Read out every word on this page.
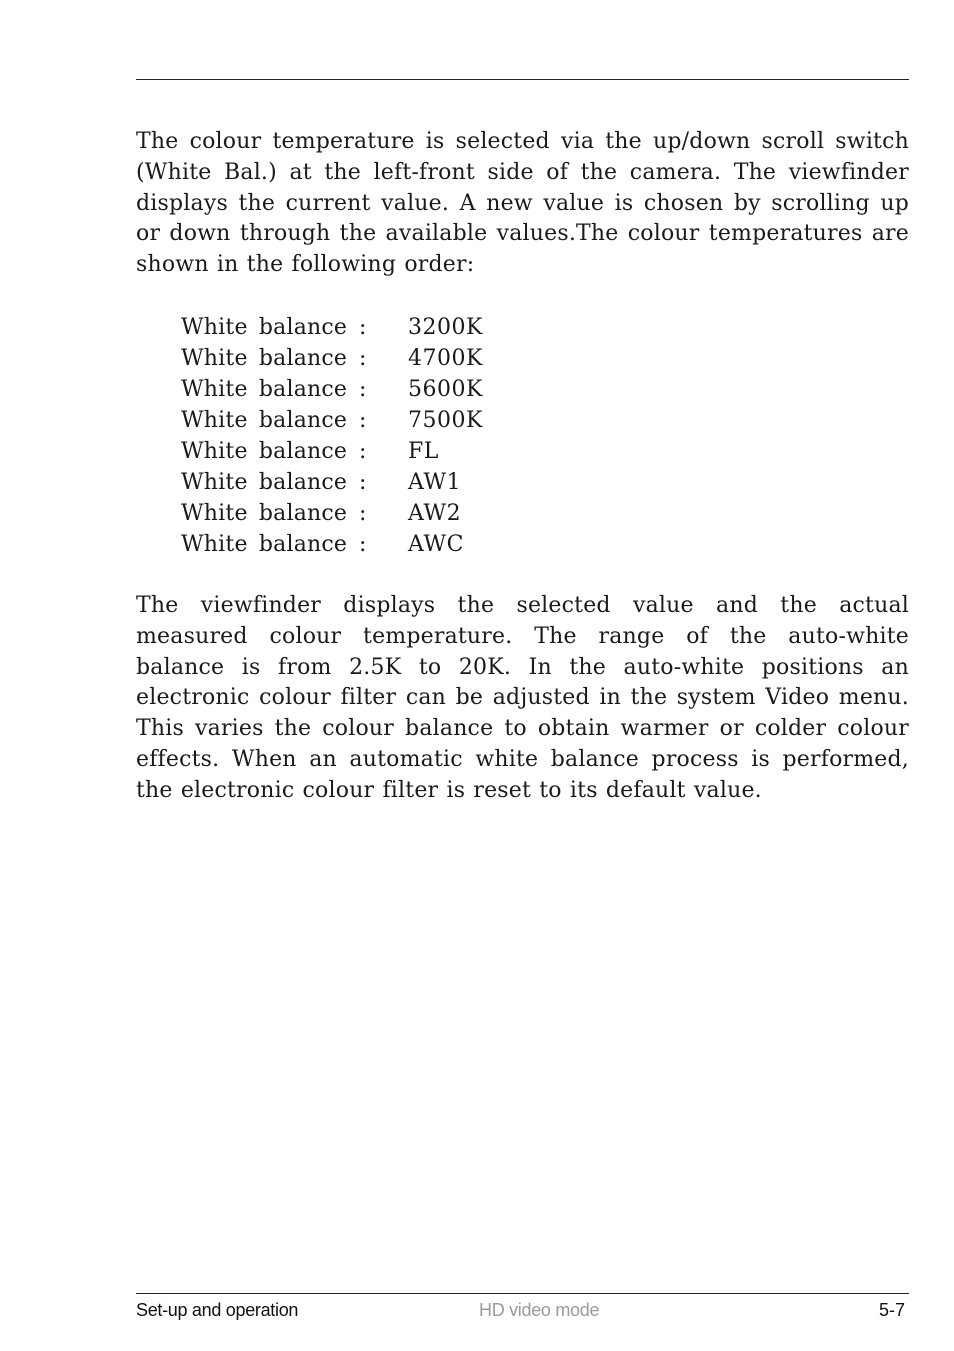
The colour temperature is selected via the up/down scroll switch (White Bal.) at the left-front side of the camera. The viewfinder displays the current value. A new value is chosen by scrolling up or down through the available values.The colour temperatures are shown in the following order:

White balance : 3200K
White balance : 4700K
White balance : 5600K
White balance : 7500K
White balance : FL
White balance : AW1
White balance : AW2
White balance : AWC

The viewfinder displays the selected value and the actual measured colour temperature. The range of the auto-white balance is from 2.5K to 20K. In the auto-white positions an electronic colour filter can be adjusted in the system Video menu. This varies the colour balance to obtain warmer or colder colour effects. When an automatic white balance process is performed, the electronic colour filter is reset to its default value.

Set-up and operation	HD video mode	5-7
